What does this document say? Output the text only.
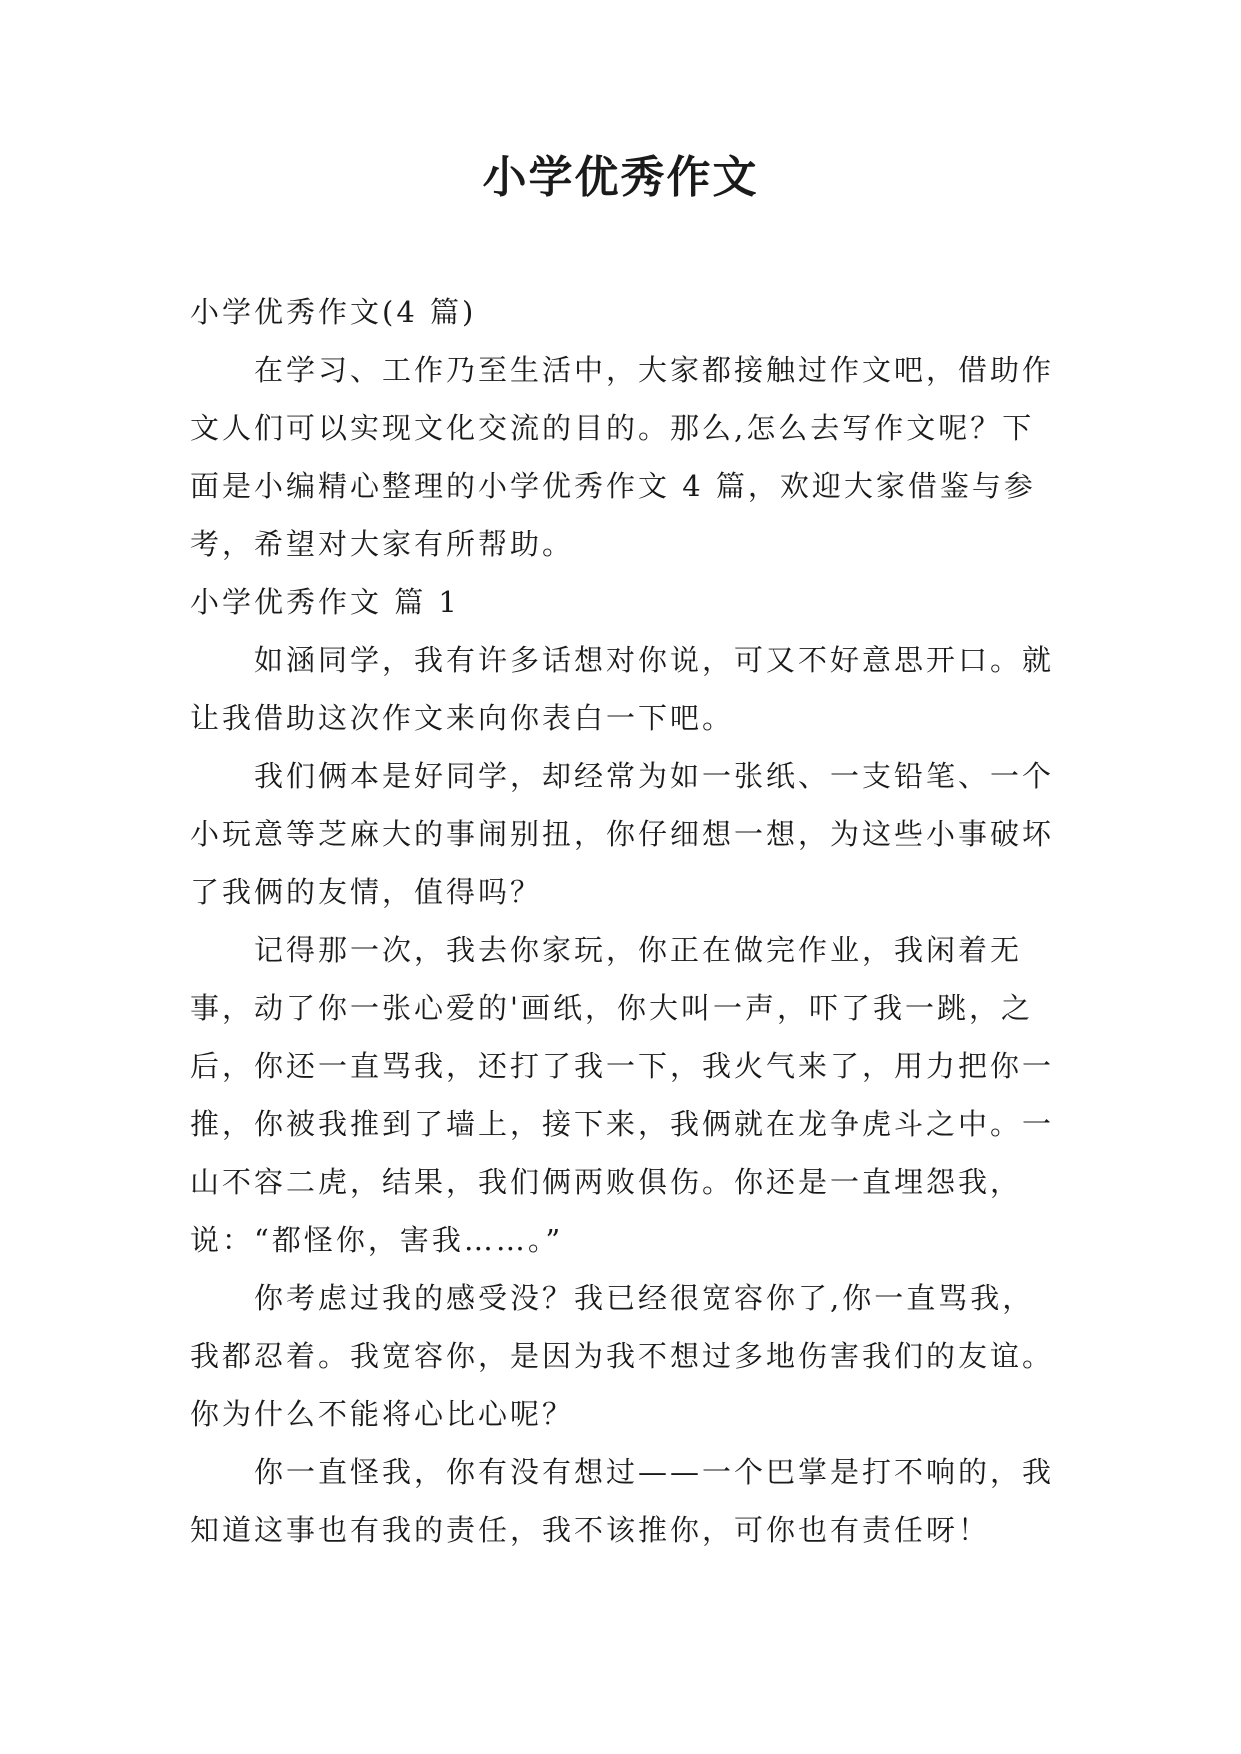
小学优秀作文

小学优秀作文(4 篇)

在学习、工作乃至生活中，大家都接触过作文吧，借助作文人们可以实现文化交流的目的。那么,怎么去写作文呢？下面是小编精心整理的小学优秀作文 4 篇，欢迎大家借鉴与参考，希望对大家有所帮助。

小学优秀作文 篇 1

如涵同学，我有许多话想对你说，可又不好意思开口。就让我借助这次作文来向你表白一下吧。

我们俩本是好同学，却经常为如一张纸、一支铅笔、一个小玩意等芝麻大的事闹别扭，你仔细想一想，为这些小事破坏了我俩的友情，值得吗？

记得那一次，我去你家玩，你正在做完作业，我闲着无事，动了你一张心爱的'画纸，你大叫一声，吓了我一跳，之后，你还一直骂我，还打了我一下，我火气来了，用力把你一推，你被我推到了墙上，接下来，我俩就在龙争虎斗之中。一山不容二虎，结果，我们俩两败俱伤。你还是一直埋怨我，说：“都怪你，害我……。”

你考虑过我的感受没？我已经很宽容你了,你一直骂我，我都忍着。我宽容你，是因为我不想过多地伤害我们的友谊。你为什么不能将心比心呢？

你一直怪我，你有没有想过——一个巴掌是打不响的，我知道这事也有我的责任，我不该推你，可你也有责任呀！
